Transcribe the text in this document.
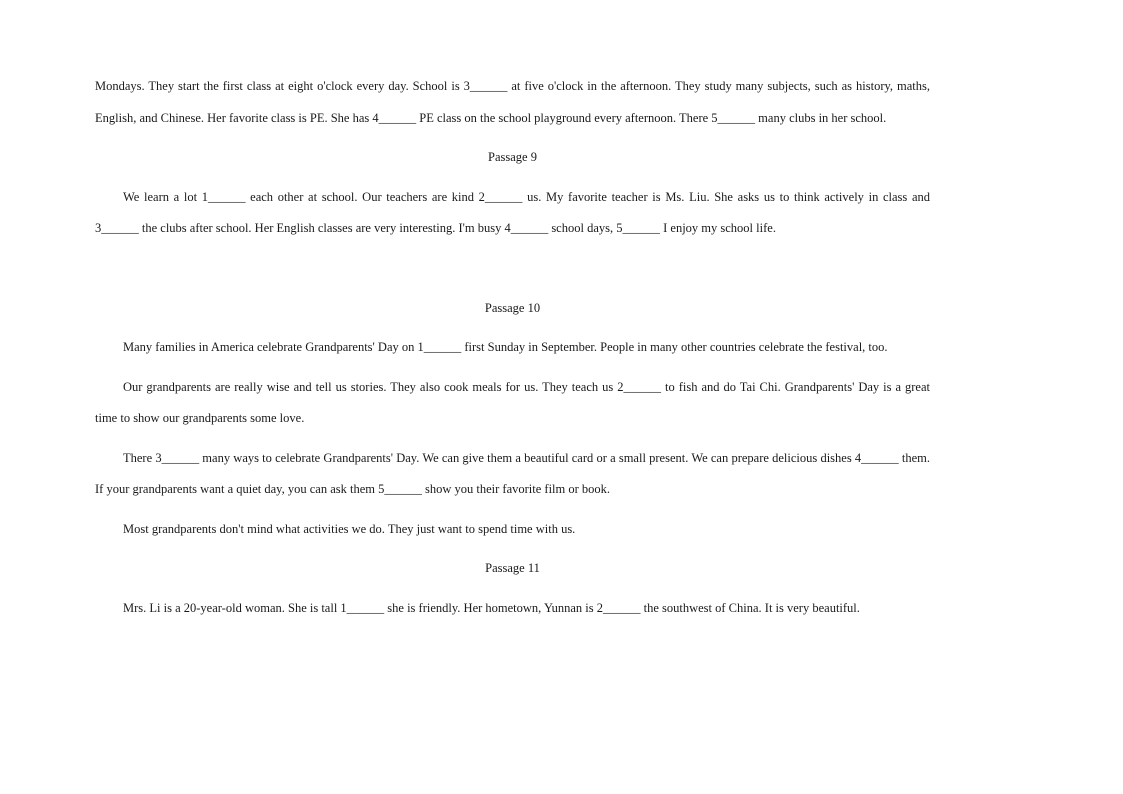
Mondays. They start the first class at eight o'clock every day. School is 3______ at five o'clock in the afternoon. They study many subjects, such as history, maths, English, and Chinese. Her favorite class is PE. She has 4______ PE class on the school playground every afternoon. There 5______ many clubs in her school.

Passage 9

We learn a lot 1______ each other at school. Our teachers are kind 2______ us. My favorite teacher is Ms. Liu. She asks us to think actively in class and 3______ the clubs after school. Her English classes are very interesting. I'm busy 4______ school days, 5______ I enjoy my school life.

Passage 10

Many families in America celebrate Grandparents' Day on 1______ first Sunday in September. People in many other countries celebrate the festival, too.

Our grandparents are really wise and tell us stories. They also cook meals for us. They teach us 2______ to fish and do Tai Chi. Grandparents' Day is a great time to show our grandparents some love.

There 3______ many ways to celebrate Grandparents' Day. We can give them a beautiful card or a small present. We can prepare delicious dishes 4______ them. If your grandparents want a quiet day, you can ask them 5______ show you their favorite film or book.

Most grandparents don't mind what activities we do. They just want to spend time with us.

Passage 11

Mrs. Li is a 20-year-old woman. She is tall 1______ she is friendly. Her hometown, Yunnan is 2______ the southwest of China. It is very beautiful.
